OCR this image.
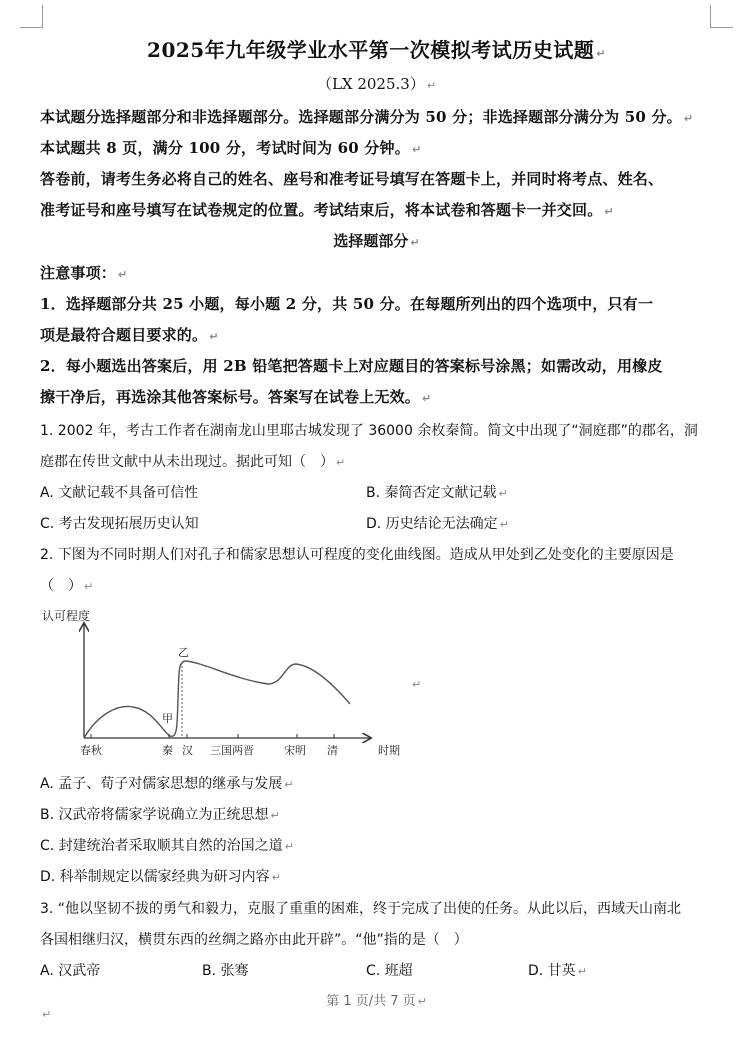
2025年九年级学业水平第一次模拟考试历史试题 ↵
（LX 2025.3） ↵
本试题分选择题部分和非选择题部分。选择题部分满分为 50 分；非选择题部分满分为 50 分。 ↵
本试题共 8 页，满分 100 分，考试时间为 60 分钟。 ↵
答卷前，请考生务必将自己的姓名、座号和准考证号填写在答题卡上，并同时将考点、姓名、
准考证号和座号填写在试卷规定的位置。考试结束后，将本试卷和答题卡一并交回。 ↵
选择题部分 ↵
注意事项： ↵
1．选择题部分共 25 小题，每小题 2 分，共 50 分。在每题所列出的四个选项中，只有一
项是最符合题目要求的。 ↵
2．每小题选出答案后，用 2B 铅笔把答题卡上对应题目的答案标号涂黑；如需改动，用橡皮
擦干净后，再选涂其他答案标号。答案写在试卷上无效。 ↵
1. 2002 年，考古工作者在湖南龙山里耶古城发现了 36000 余枚秦简。简文中出现了“洞庭郡”的郡名，洞
庭郡在传世文献中从未出现过。据此可知（　） ↵
A. 文献记载不具备可信性	B. 秦简否定文献记载 ↵
C. 考古发现拓展历史认知	D. 历史结论无法确定 ↵
2. 下图为不同时期人们对孔子和儒家思想认可程度的变化曲线图。造成从甲处到乙处变化的主要原因是
（　） ↵
认可程度
乙
甲
春秋	秦 汉 三国两晋	宋明 清	时期
↵
A. 孟子、荀子对儒家思想的继承与发展 ↵
B. 汉武帝将儒家学说确立为正统思想 ↵
C. 封建统治者采取顺其自然的治国之道 ↵
D. 科举制规定以儒家经典为研习内容 ↵
3. “他以坚韧不拔的勇气和毅力，克服了重重的困难，终于完成了出使的任务。从此以后，西域天山南北
各国相继归汉，横贯东西的丝绸之路亦由此开辟”。“他”指的是（　）
A. 汉武帝	B. 张骞	C. 班超	D. 甘英 ↵
第 1 页/共 7 页 ↵
↵
